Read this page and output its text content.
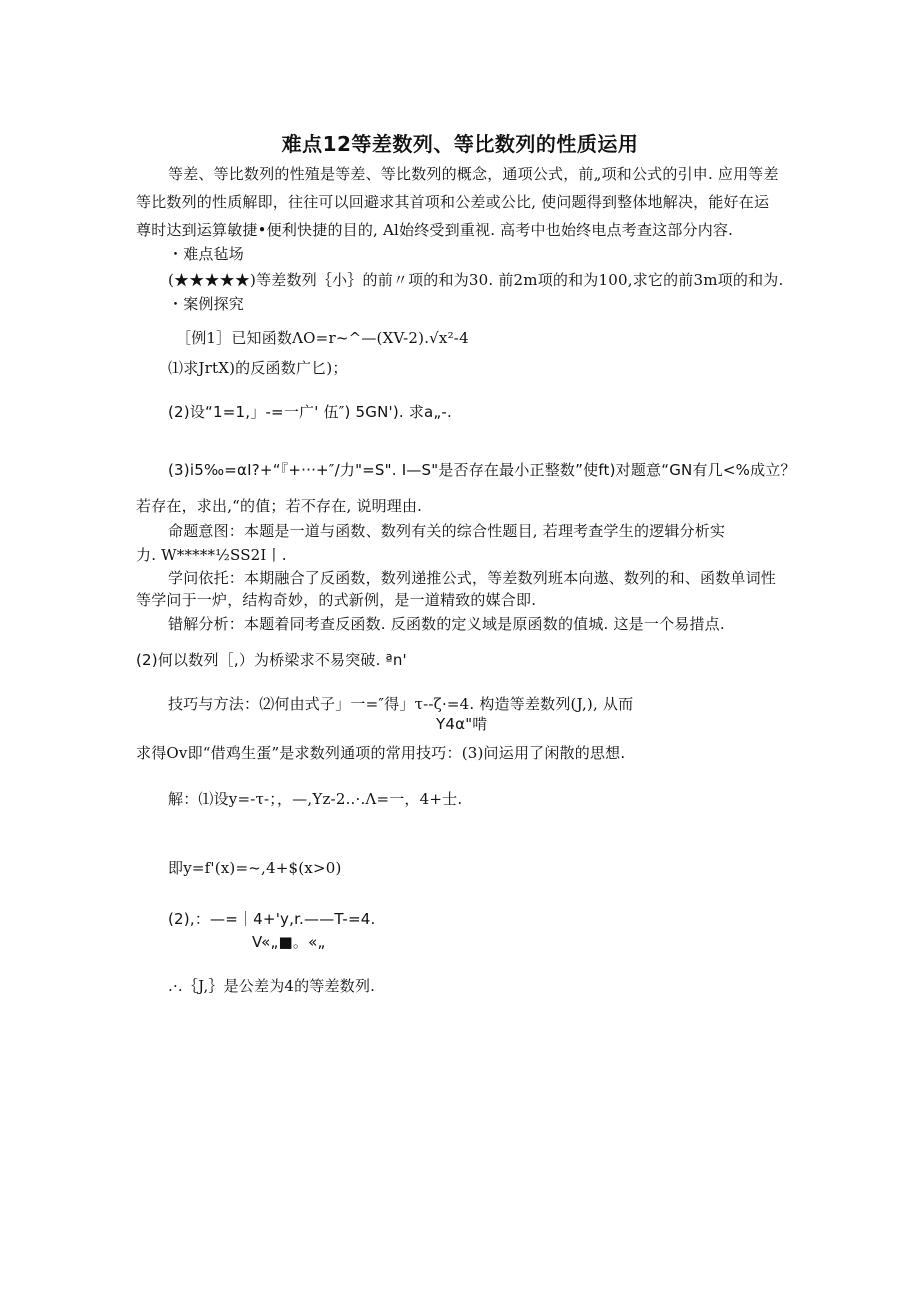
难点12等差数列、等比数列的性质运用
等差、等比数列的性殖是等差、等比数列的概念，通项公式，前„项和公式的引申. 应用等差
等比数列的性质解即，往往可以回避求其首项和公差或公比, 使问题得到整体地解决，能好在运
尊时达到运算敏捷•便利快捷的目的, Al始终受到重视. 高考中也始终电点考查这部分内容.
・难点毡场
(★★★★★)等差数列｛小｝的前〃项的和为30. 前2m项的和为100,求它的前3m项的和为.
・案例探究
［例1］已知函数ΛO=r~^—(XV-2).√x²-4
⑴求JrtX)的反函数广匕)；
(2)设“1=1,」-=一广' 伍″) 5GN'). 求a„-.
(3)i5‰=αI?+“『+···+″/力"=S". I—S"是否存在最小正整数”使ft)对题意“GN有几<%成立？
若存在，求出,“的值；若不存在, 说明理由.
命题意图：本题是一道与函数、数列有关的综合性题目, 若理考查学生的逻辑分析实
力. W*****½SS2I丨.
学问依托：本期融合了反函数，数列递推公式，等差数列班本向遨、数列的和、函数单词性
等学问于一炉，结构奇妙，的式新例，是一道精致的媒合即.
错解分析：本题着同考查反函数. 反函数的定义域是原函数的值城. 这是一个易措点.
(2)何以数列［,）为桥梁求不易突破. ªn'
技巧与方法：⑵何由式子」一=″得」τ--ζ·=4. 构造等差数列(J,), 从而
Y4α"啃
求得Ov即“借鸡生蛋”是求数列通项的常用技巧：(3)问运用了闲散的思想.
解：⑴设y=-τ-；，—,Yz-2..·.Λ=一，4+士.
即y=f'(x)=~,4+$(x>0)
(2),：—=｜4+'y,r.——T-=4.
V«„■。«„
.·.｛J,｝是公差为4的等差数列.
